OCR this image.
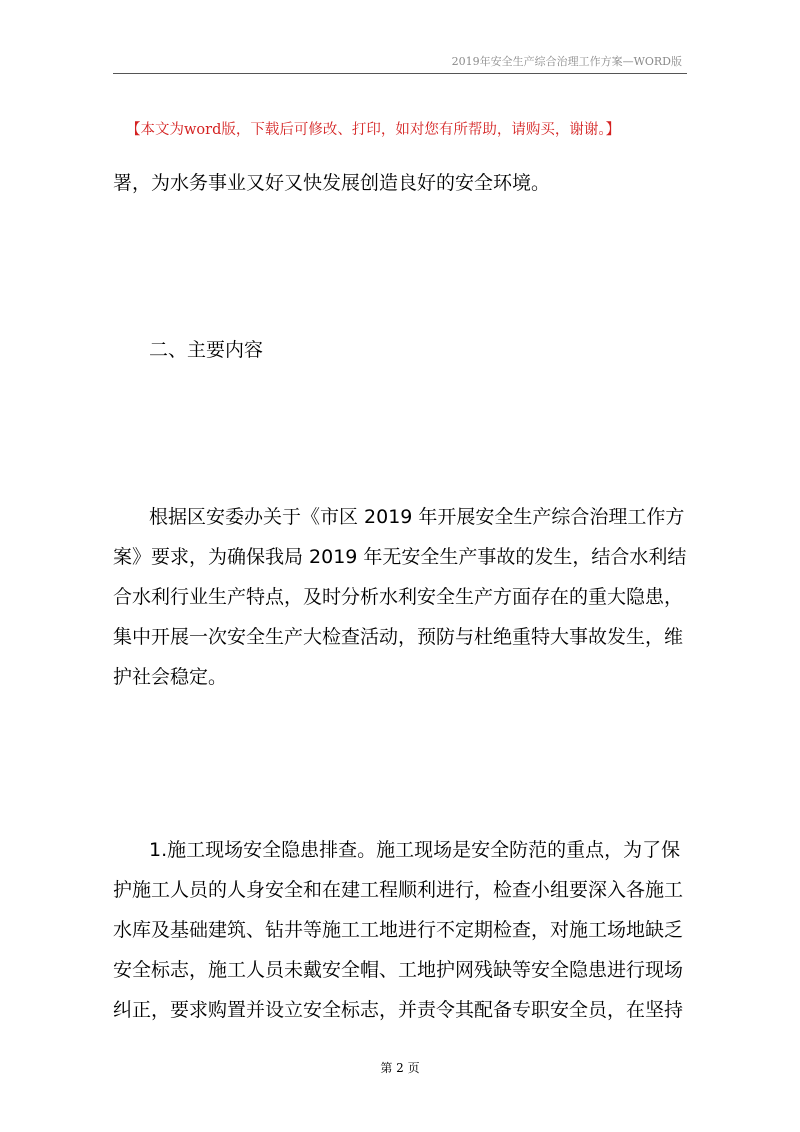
2019年安全生产综合治理工作方案—WORD版
【本文为word版，下载后可修改、打印，如对您有所帮助，请购买，谢谢。】
署，为水务事业又好又快发展创造良好的安全环境。
二、主要内容
根据区安委办关于《市区 2019 年开展安全生产综合治理工作方
案》要求，为确保我局 2019 年无安全生产事故的发生，结合水利结
合水利行业生产特点，及时分析水利安全生产方面存在的重大隐患，
集中开展一次安全生产大检查活动，预防与杜绝重特大事故发生，维
护社会稳定。
1.施工现场安全隐患排查。施工现场是安全防范的重点，为了保
护施工人员的人身安全和在建工程顺利进行，检查小组要深入各施工
水库及基础建筑、钻井等施工工地进行不定期检查，对施工场地缺乏
安全标志，施工人员未戴安全帽、工地护网残缺等安全隐患进行现场
纠正，要求购置并设立安全标志，并责令其配备专职安全员，在坚持
第 2 页
